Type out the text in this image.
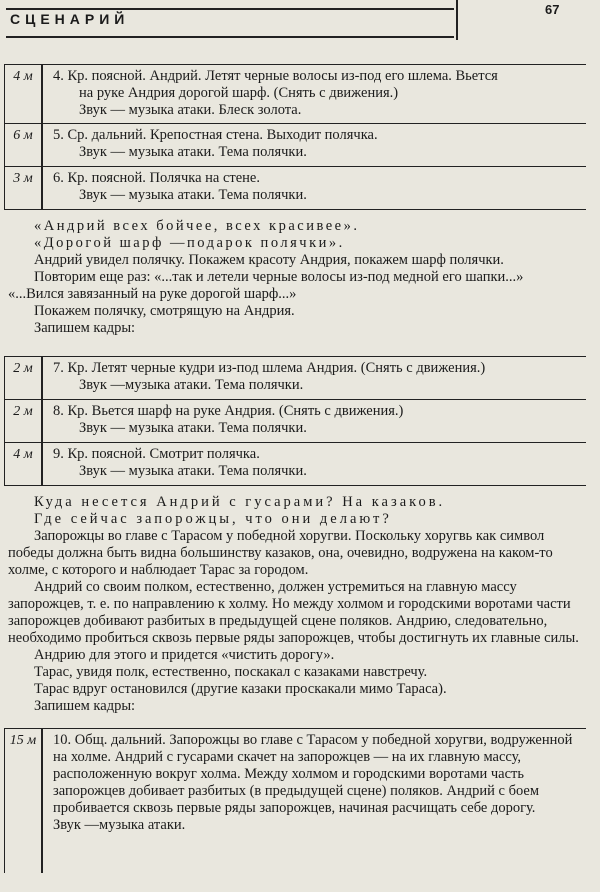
СЦЕНАРИЙ
67
4 м	4. Кр. поясной. Андрий. Летят черные волосы из-под его шлема. Вьется
на руке Андрия дорогой шарф. (Снять с движения.)
Звук — музыка атаки. Блеск золота.
6 м	5. Ср. дальний. Крепостная стена. Выходит полячка.
Звук — музыка атаки. Тема полячки.
3 м	6. Кр. поясной. Полячка на стене.
Звук — музыка атаки. Тема полячки.

«Андрий всех бойчее, всех красивее».

«Дорогой шарф —подарок полячки».

Андрий увидел полячку. Покажем красоту Андрия, покажем шарф полячки.

Повторим еще раз: «...так и летели черные волосы из-под медной его шапки...» «...Вился завязанный на руке дорогой шарф...»

Покажем полячку, смотрящую на Андрия.

Запишем кадры:

2 м	7. Кр. Летят черные кудри из-под шлема Андрия. (Снять с движения.)
Звук —музыка атаки. Тема полячки.
2 м	8. Кр. Вьется шарф на руке Андрия. (Снять с движения.)
Звук — музыка атаки. Тема полячки.
4 м	9. Кр. поясной. Смотрит полячка.
Звук — музыка атаки. Тема полячки.

Куда несется Андрий с гусарами? На казаков.

Где сейчас запорожцы, что они делают?

Запорожцы во главе с Тарасом у победной хоругви. Поскольку хоругвь как символ победы должна быть видна большинству казаков, она, очевидно, водружена на каком-то холме, с которого и наблюдает Тарас за городом.

Андрий со своим полком, естественно, должен устремиться на главную массу запорожцев, т. е. по направлению к холму. Но между холмом и городскими воротами части запорожцев добивают разбитых в предыдущей сцене поляков. Андрию, следовательно, необходимо пробиться сквозь первые ряды запорожцев, чтобы достигнуть их главные силы.

Андрию для этого и придется «чистить дорогу».

Тарас, увидя полк, естественно, поскакал с казаками навстречу.

Тарас вдруг остановился (другие казаки проскакали мимо Тараса).

Запишем кадры:

15 м	10. Общ. дальний. Запорожцы во главе с Тарасом у победной хоругви, водруженной на холме. Андрий с гусарами скачет на запорожцев — на их главную массу, расположенную вокруг холма. Между холмом и городскими воротами часть запорожцев добивает разбитых (в предыдущей сцене) поляков. Андрий с боем пробивается сквозь первые ряды запорожцев, начиная расчищать себе дорогу.
Звук —музыка атаки.
